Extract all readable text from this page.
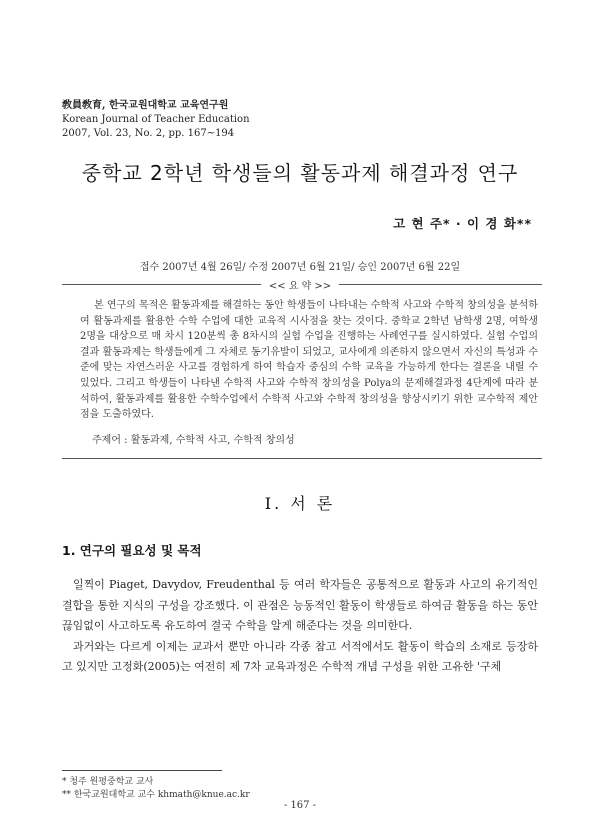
敎員敎育, 한국교원대학교 교육연구원
Korean Journal of Teacher Education
2007, Vol. 23, No. 2, pp. 167~194
중학교 2학년 학생들의 활동과제 해결과정 연구
고 현 주* · 이 경 화**
접수 2007년 4월 26일/ 수정 2007년 6월 21일/ 승인 2007년 6월 22일
<< 요 약 >>

본 연구의 목적은 활동과제를 해결하는 동안 학생들이 나타내는 수학적 사고와 수학적 창의성을 분석하여 활동과제를 활용한 수학 수업에 대한 교육적 시사점을 찾는 것이다. 중학교 2학년 남학생 2명, 여학생 2명을 대상으로 매 차시 120분씩 총 8차시의 실험 수업을 진행하는 사례연구를 실시하였다. 실험 수업의 결과 활동과제는 학생들에게 그 자체로 동기유발이 되었고, 교사에게 의존하지 않으면서 자신의 특성과 수준에 맞는 자연스러운 사고를 경험하게 하여 학습자 중심의 수학 교육을 가능하게 한다는 결론을 내릴 수 있었다. 그리고 학생들이 나타낸 수학적 사고와 수학적 창의성을 Polya의 문제해결과정 4단계에 따라 분석하여, 활동과제를 활용한 수학수업에서 수학적 사고와 수학적 창의성을 향상시키기 위한 교수학적 제안점을 도출하였다.

주제어 : 활동과제, 수학적 사고, 수학적 창의성
Ⅰ. 서 론
1. 연구의 필요성 및 목적

일찍이 Piaget, Davydov, Freudenthal 등 여러 학자들은 공통적으로 활동과 사고의 유기적인 결합을 통한 지식의 구성을 강조했다. 이 관점은 능동적인 활동이 학생들로 하여금 활동을 하는 동안 끊임없이 사고하도록 유도하여 결국 수학을 알게 해준다는 것을 의미한다.

과거와는 다르게 이제는 교과서 뿐만 아니라 각종 참고 서적에서도 활동이 학습의 소재로 등장하고 있지만 고정화(2005)는 여전히 제 7차 교육과정은 수학적 개념 구성을 위한 고유한 '구체

* 청주 원평중학교 교사
** 한국교원대학교 교수 khmath@knue.ac.kr
- 167 -
